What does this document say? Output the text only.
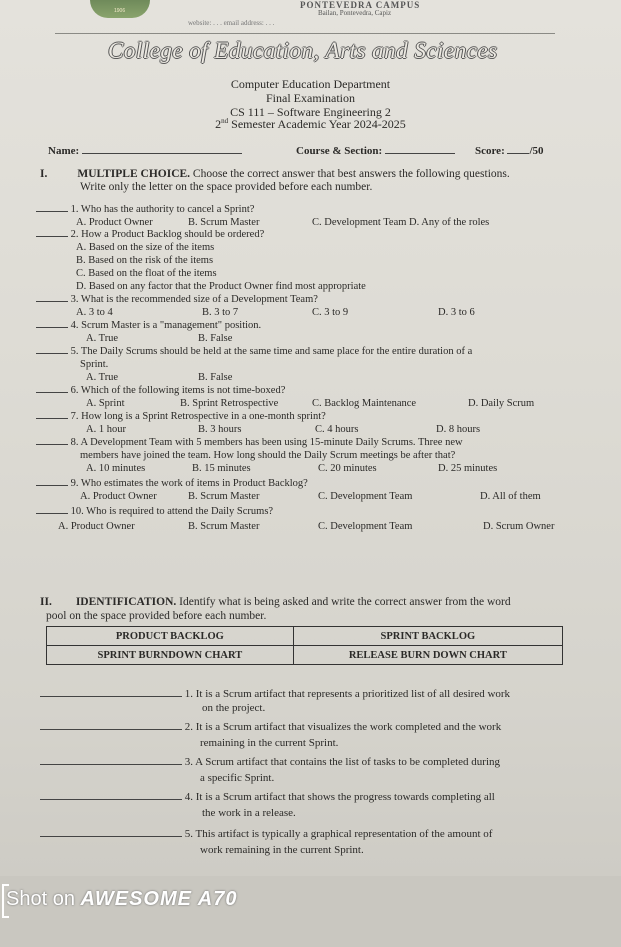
1906
PONTEVEDRA CAMPUS
Bailan, Pontevedra, Capiz
website: . . . email address: . . .
College of Education, Arts and Sciences
Computer Education Department
Final Examination
CS 111 – Software Engineering 2
2nd Semester Academic Year 2024-2025
Name:	Course & Section:	Score: /50
I.	MULTIPLE CHOICE. Choose the correct answer that best answers the following questions.
Write only the letter on the space provided before each number.
1. Who has the authority to cancel a Sprint?
A. Product Owner	B. Scrum Master	C. Development Team D. Any of the roles
2. How a Product Backlog should be ordered?
A. Based on the size of the items
B. Based on the risk of the items
C. Based on the float of the items
D. Based on any factor that the Product Owner find most appropriate
3. What is the recommended size of a Development Team?
A. 3 to 4	B. 3 to 7	C. 3 to 9	D. 3 to 6
4. Scrum Master is a "management" position.
A. True	B. False
5. The Daily Scrums should be held at the same time and same place for the entire duration of a
Sprint.
A. True	B. False
6. Which of the following items is not time-boxed?
A. Sprint	B. Sprint Retrospective	C. Backlog Maintenance	D. Daily Scrum
7. How long is a Sprint Retrospective in a one-month sprint?
A. 1 hour	B. 3 hours	C. 4 hours	D. 8 hours
8. A Development Team with 5 members has been using 15-minute Daily Scrums. Three new
members have joined the team. How long should the Daily Scrum meetings be after that?
A. 10 minutes	B. 15 minutes	C. 20 minutes	D. 25 minutes
9. Who estimates the work of items in Product Backlog?
A. Product Owner	B. Scrum Master	C. Development Team	D. All of them
10. Who is required to attend the Daily Scrums?
A. Product Owner	B. Scrum Master	C. Development Team	D. Scrum Owner
II. IDENTIFICATION. Identify what is being asked and write the correct answer from the word
pool on the space provided before each number.
PRODUCT BACKLOG	SPRINT BACKLOG
SPRINT BURNDOWN CHART	RELEASE BURN DOWN CHART
1. It is a Scrum artifact that represents a prioritized list of all desired work
on the project.
2. It is a Scrum artifact that visualizes the work completed and the work
remaining in the current Sprint.
3. A Scrum artifact that contains the list of tasks to be completed during
a specific Sprint.
4. It is a Scrum artifact that shows the progress towards completing all
the work in a release.
5. This artifact is typically a graphical representation of the amount of
work remaining in the current Sprint.
Shot on AWESOME A70
